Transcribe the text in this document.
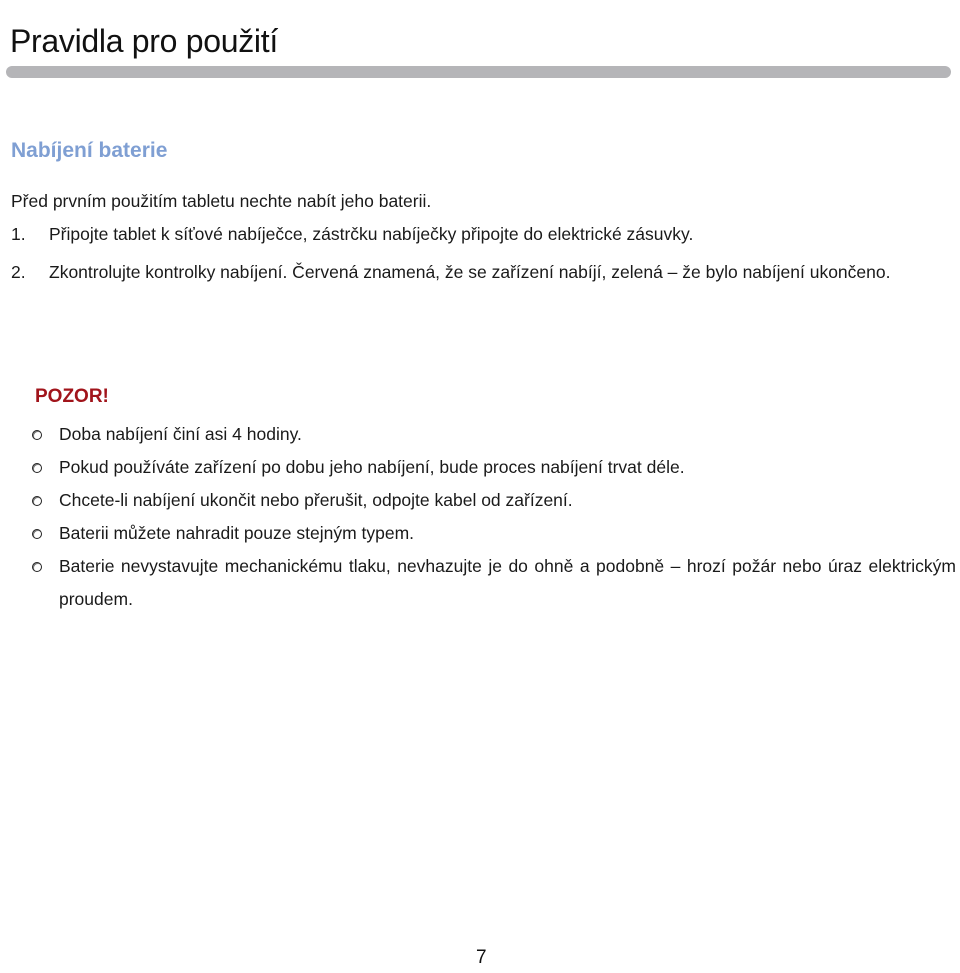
Pravidla pro použití
Nabíjení baterie
Před prvním použitím tabletu nechte nabít jeho baterii.
1. Připojte tablet k síťové nabíječce, zástrčku nabíječky připojte do elektrické zásuvky.
2. Zkontrolujte kontrolky nabíjení. Červená znamená, že se zařízení nabíjí, zelená – že bylo nabíjení ukončeno.
POZOR!
Doba nabíjení činí asi 4 hodiny.
Pokud používáte zařízení po dobu jeho nabíjení, bude proces nabíjení trvat déle.
Chcete-li nabíjení ukončit nebo přerušit, odpojte kabel od zařízení.
Baterii můžete nahradit pouze stejným typem.
Baterie nevystavujte mechanickému tlaku, nevhazujte je do ohně a podobně – hrozí požár nebo úraz elektrickým proudem.
7
